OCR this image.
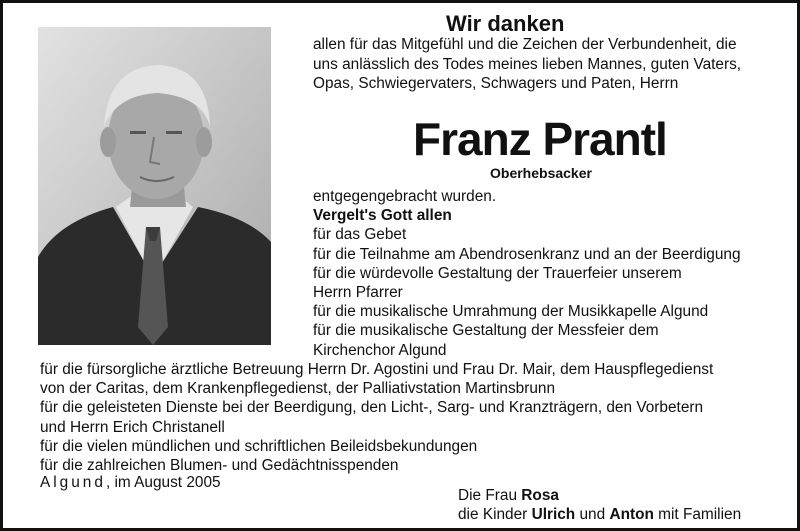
Wir danken
allen für das Mitgefühl und die Zeichen der Verbundenheit, die
uns anlässlich des Todes meines lieben Mannes, guten Vaters,
Opas, Schwiegervaters, Schwagers und Paten, Herrn
Franz Prantl
Oberhebsacker
entgegengebracht wurden.
Vergelt's Gott allen
für das Gebet
für die Teilnahme am Abendrosenkranz und an der Beerdigung
für die würdevolle Gestaltung der Trauerfeier unserem
Herrn Pfarrer
für die musikalische Umrahmung der Musikkapelle Algund
für die musikalische Gestaltung der Messfeier dem
Kirchenchor Algund
für die fürsorgliche ärztliche Betreuung Herrn Dr. Agostini und Frau Dr. Mair, dem Hauspflegedienst
von der Caritas, dem Krankenpflegedienst, der Palliativstation Martinsbrunn
für die geleisteten Dienste bei der Beerdigung, den Licht-, Sarg- und Kranzträgern, den Vorbetern
und Herrn Erich Christanell
für die vielen mündlichen und schriftlichen Beileidsbekundungen
für die zahlreichen Blumen- und Gedächtnisspenden
Algund, im August 2005
Die Frau Rosa
die Kinder Ulrich und Anton mit Familien
